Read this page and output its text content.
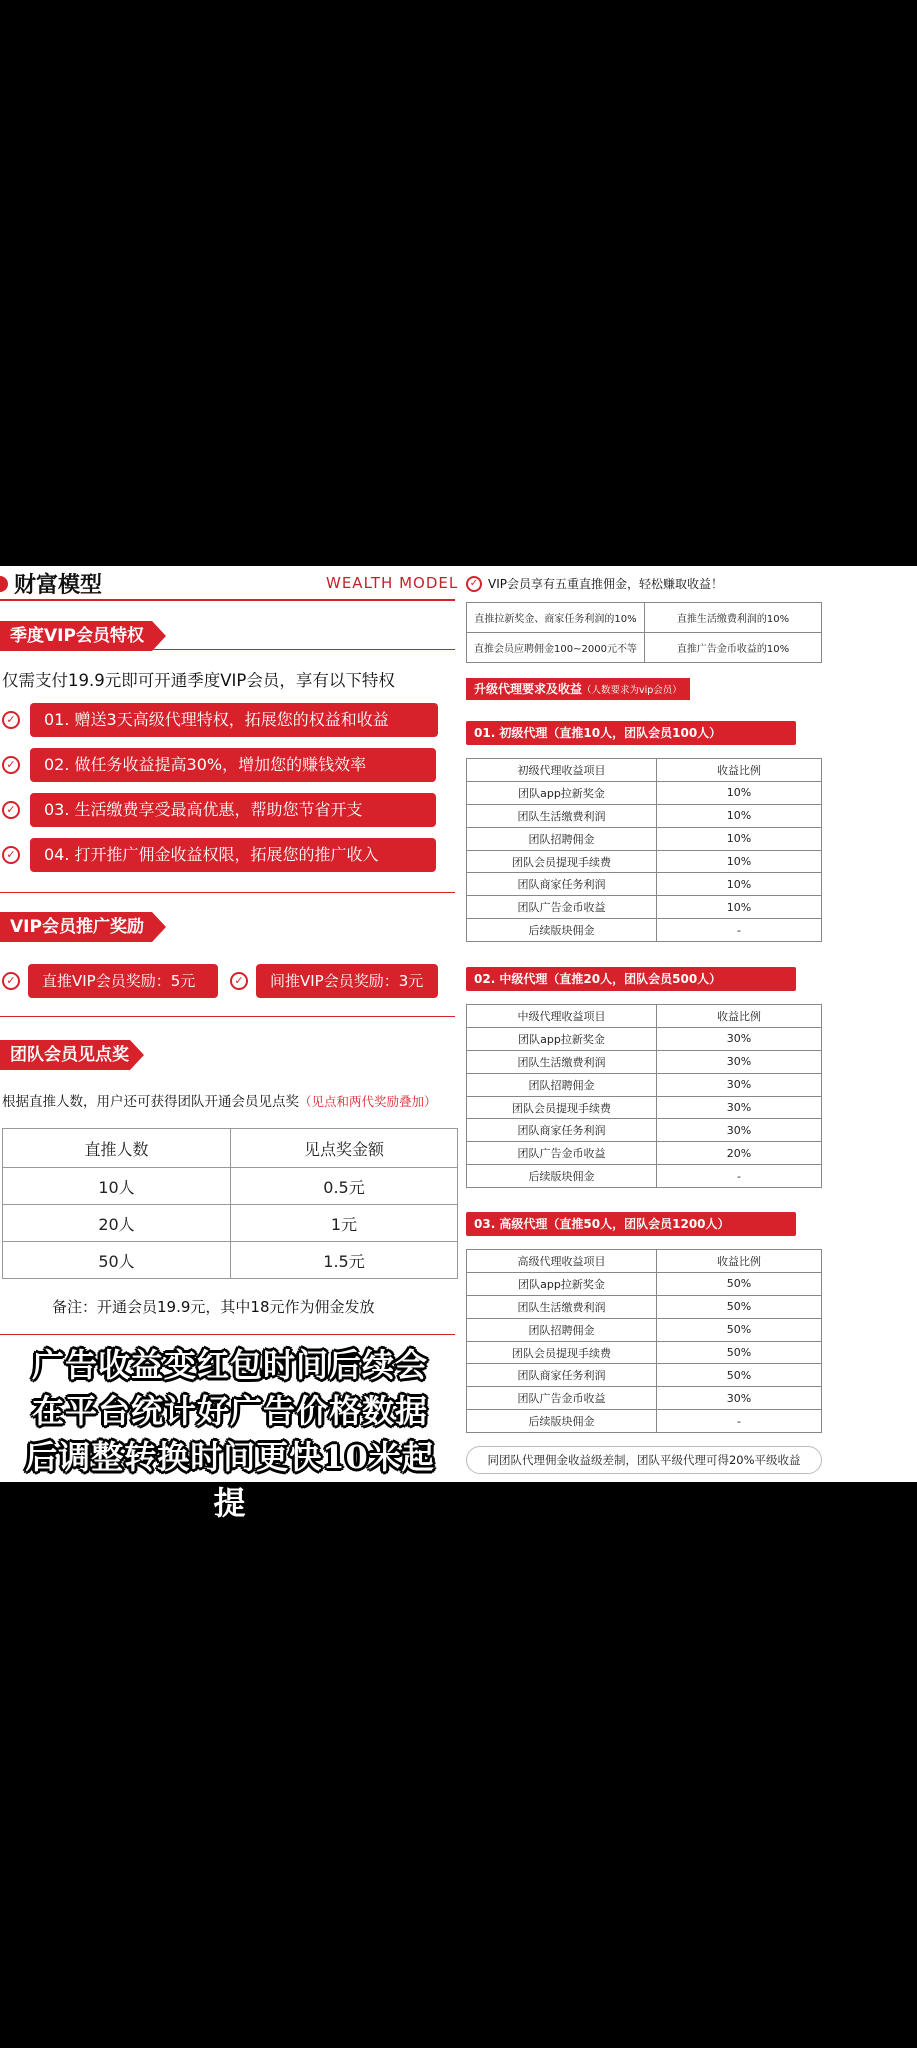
财富模型	WEALTH MODEL
季度VIP会员特权
仅需支付19.9元即可开通季度VIP会员，享有以下特权
✓	01. 赠送3天高级代理特权，拓展您的权益和收益
✓	02. 做任务收益提高30%，增加您的赚钱效率
✓	03. 生活缴费享受最高优惠，帮助您节省开支
✓	04. 打开推广佣金收益权限，拓展您的推广收入
VIP会员推广奖励
✓	直推VIP会员奖励：5元	✓	间推VIP会员奖励：3元
团队会员见点奖
根据直推人数，用户还可获得团队开通会员见点奖（见点和两代奖励叠加）
直推人数	见点奖金额
10人	0.5元
20人	1元
50人	1.5元
备注：开通会员19.9元，其中18元作为佣金发放
广告收益变红包时间后续会
在平台统计好广告价格数据
后调整转换时间更快10米起提
✓ VIP会员享有五重直推佣金，轻松赚取收益！
直推拉新奖金、商家任务利润的10%	直推生活缴费利润的10%
直推会员应聘佣金100~2000元不等	直推广告金币收益的10%
升级代理要求及收益（人数要求为vip会员）
01. 初级代理（直推10人，团队会员100人）
初级代理收益项目	收益比例
团队app拉新奖金	10%
团队生活缴费利润	10%
团队招聘佣金	10%
团队会员提现手续费	10%
团队商家任务利润	10%
团队广告金币收益	10%
后续版块佣金	-
02. 中级代理（直推20人，团队会员500人）
中级代理收益项目	收益比例
团队app拉新奖金	30%
团队生活缴费利润	30%
团队招聘佣金	30%
团队会员提现手续费	30%
团队商家任务利润	30%
团队广告金币收益	20%
后续版块佣金	-
03. 高级代理（直推50人，团队会员1200人）
高级代理收益项目	收益比例
团队app拉新奖金	50%
团队生活缴费利润	50%
团队招聘佣金	50%
团队会员提现手续费	50%
团队商家任务利润	50%
团队广告金币收益	30%
后续版块佣金	-
同团队代理佣金收益级差制，团队平级代理可得20%平级收益
